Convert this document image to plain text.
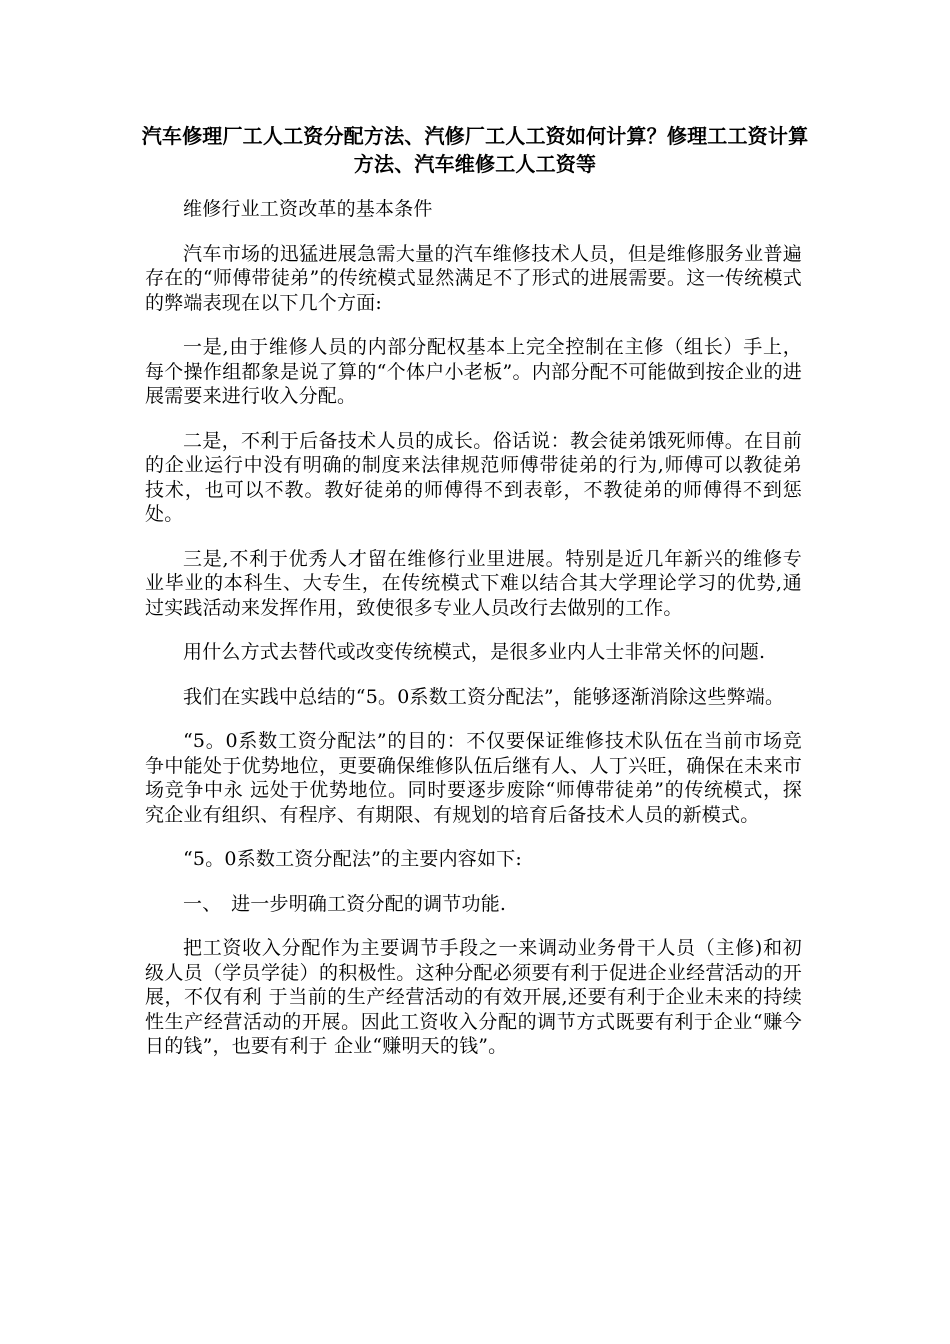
汽车修理厂工人工资分配方法、汽修厂工人工资如何计算？修理工工资计算方法、汽车维修工人工资等

维修行业工资改革的基本条件

汽车市场的迅猛进展急需大量的汽车维修技术人员，但是维修服务业普遍存在的“师傅带徒弟”的传统模式显然满足不了形式的进展需要。这一传统模式的弊端表现在以下几个方面:

一是,由于维修人员的内部分配权基本上完全控制在主修（组长）手上，每个操作组都象是说了算的“个体户小老板”。内部分配不可能做到按企业的进展需要来进行收入分配。

二是，不利于后备技术人员的成长。俗话说：教会徒弟饿死师傅。在目前的企业运行中没有明确的制度来法律规范师傅带徒弟的行为,师傅可以教徒弟技术，也可以不教。教好徒弟的师傅得不到表彰，不教徒弟的师傅得不到惩处。

三是,不利于优秀人才留在维修行业里进展。特别是近几年新兴的维修专业毕业的本科生、大专生，在传统模式下难以结合其大学理论学习的优势,通过实践活动来发挥作用，致使很多专业人员改行去做别的工作。

用什么方式去替代或改变传统模式，是很多业内人士非常关怀的问题.

我们在实践中总结的“5。0系数工资分配法”，能够逐渐消除这些弊端。

“5。0系数工资分配法”的目的：不仅要保证维修技术队伍在当前市场竞争中能处于优势地位，更要确保维修队伍后继有人、人丁兴旺，确保在未来市场竞争中永 远处于优势地位。同时要逐步废除“师傅带徒弟”的传统模式，探究企业有组织、有程序、有期限、有规划的培育后备技术人员的新模式。

“5。0系数工资分配法”的主要内容如下:

一、　进一步明确工资分配的调节功能.

把工资收入分配作为主要调节手段之一来调动业务骨干人员（主修)和初级人员（学员学徒）的积极性。这种分配必须要有利于促进企业经营活动的开展，不仅有利 于当前的生产经营活动的有效开展,还要有利于企业未来的持续性生产经营活动的开展。因此工资收入分配的调节方式既要有利于企业“赚今日的钱”，也要有利于 企业“赚明天的钱”。
